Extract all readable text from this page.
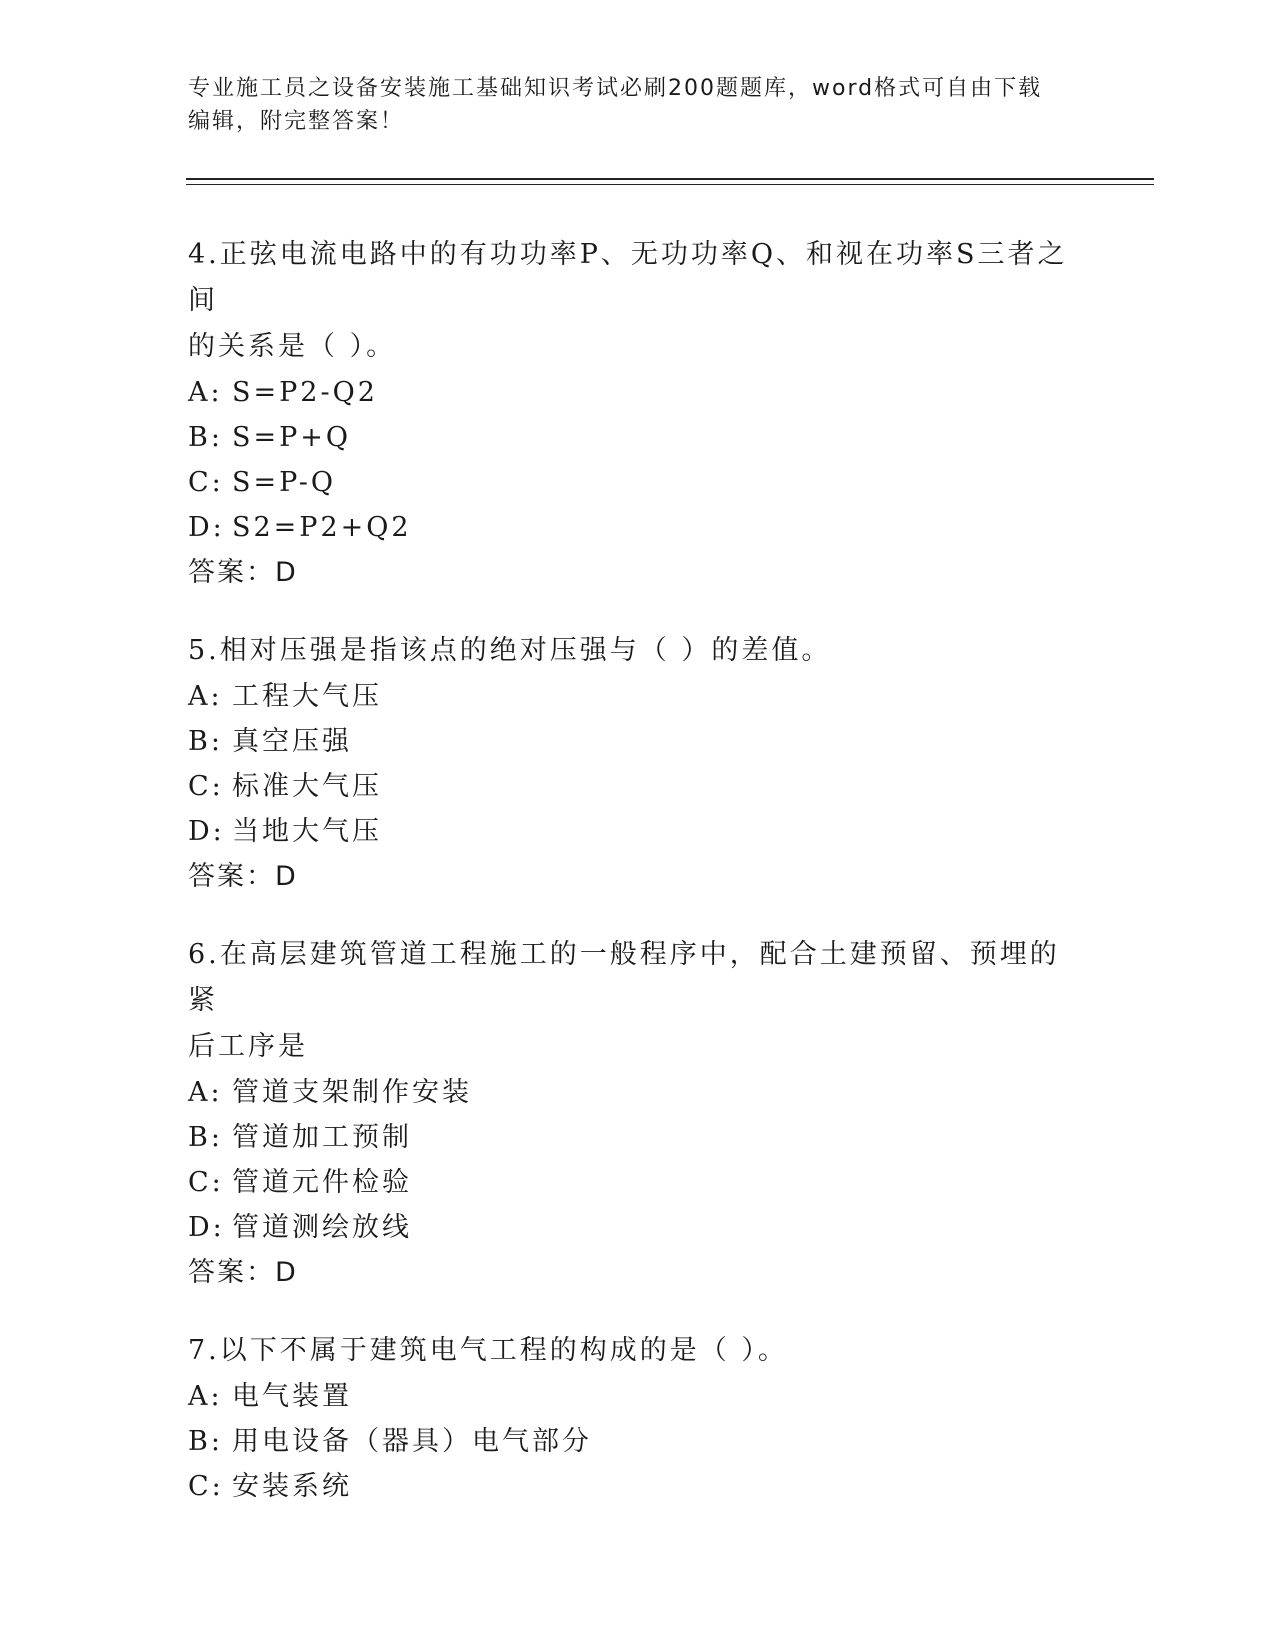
专业施工员之设备安装施工基础知识考试必刷200题题库，word格式可自由下载
编辑，附完整答案！
4.正弦电流电路中的有功功率P、无功功率Q、和视在功率S三者之间
的关系是（ ）。
A: S=P2-Q2
B: S=P+Q
C: S=P-Q
D: S2=P2+Q2
答案：D
5.相对压强是指该点的绝对压强与（ ）的差值。
A: 工程大气压
B: 真空压强
C: 标准大气压
D: 当地大气压
答案：D
6.在高层建筑管道工程施工的一般程序中，配合土建预留、预埋的紧
后工序是
A: 管道支架制作安装
B: 管道加工预制
C: 管道元件检验
D: 管道测绘放线
答案：D
7.以下不属于建筑电气工程的构成的是（ ）。
A: 电气装置
B: 用电设备（器具）电气部分
C: 安装系统
